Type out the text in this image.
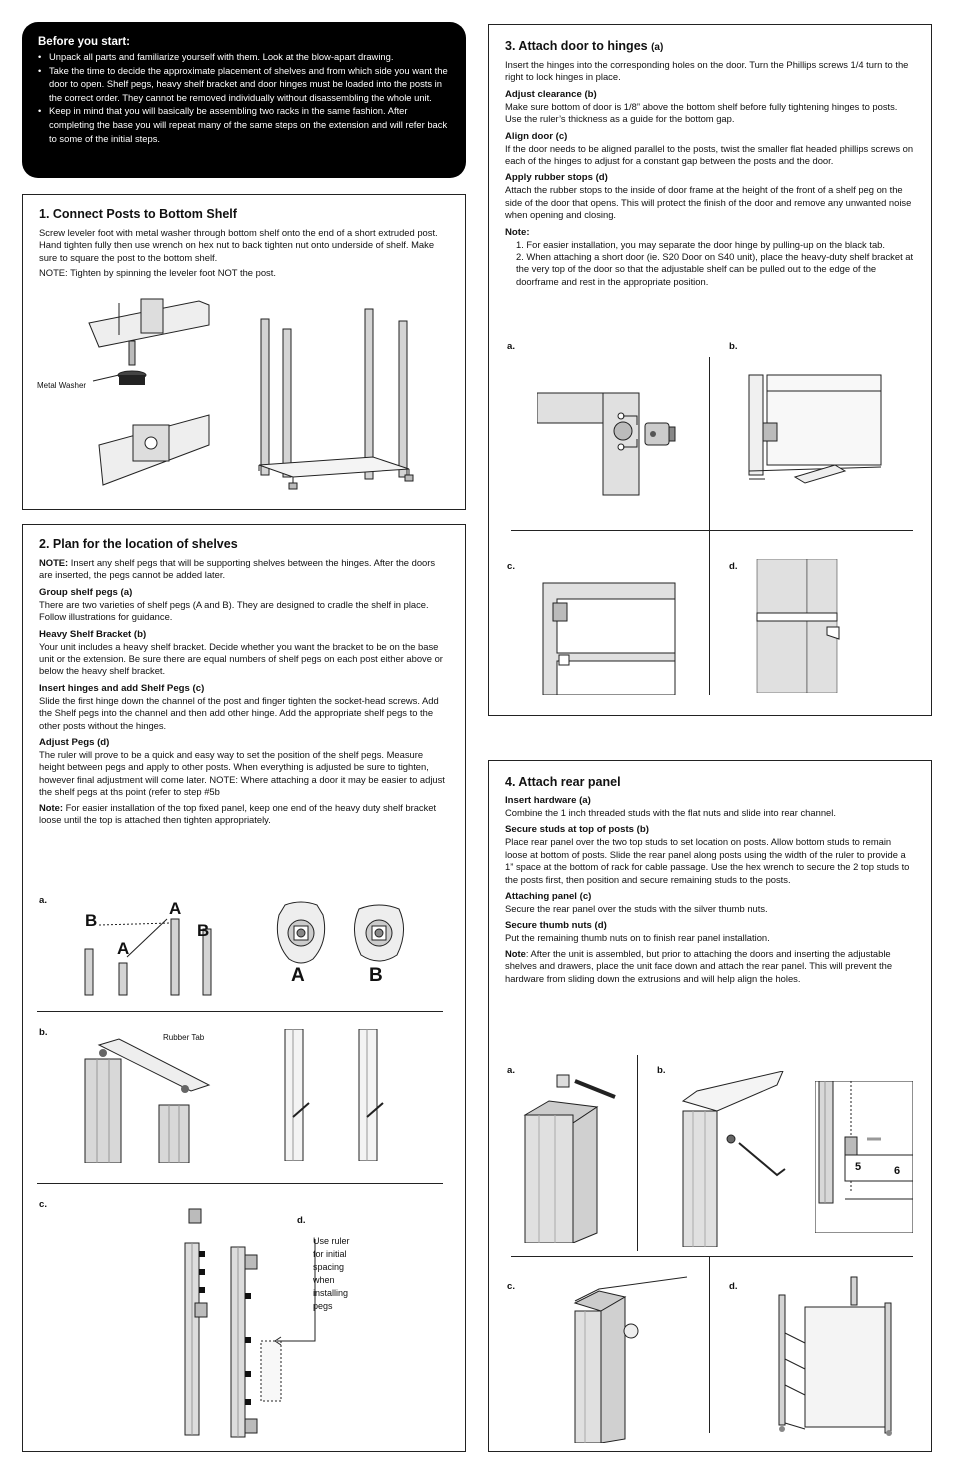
Before you start:
• Unpack all parts and familiarize yourself with them. Look at the blow-apart drawing.
• Take the time to decide the approximate placement of shelves and from which side you want the door to open. Shelf pegs, heavy shelf bracket and door hinges must be loaded into the posts in the correct order. They cannot be removed individually without disassembling the whole unit.
• Keep in mind that you will basically be assembling two racks in the same fashion. After completing the base you will repeat many of the same steps on the extension and will refer back to some of the initial steps.
1. Connect Posts to Bottom Shelf

Screw leveler foot with metal washer through bottom shelf onto the end of a short extruded post. Hand tighten fully then use wrench on hex nut to back tighten nut onto underside of shelf. Make sure to square the post to the bottom shelf.

NOTE: Tighten by spinning the leveler foot NOT the post.

Metal Washer
2. Plan for the location of shelves

NOTE: Insert any shelf pegs that will be supporting shelves between the hinges. After the doors are inserted, the pegs cannot be added later.

Group shelf pegs (a)

There are two varieties of shelf pegs (A and B). They are designed to cradle the shelf in place. Follow illustrations for guidance.

Heavy Shelf Bracket (b)

Your unit includes a heavy shelf bracket. Decide whether you want the bracket to be on the base unit or the extension. Be sure there are equal numbers of shelf pegs on each post either above or below the heavy shelf bracket.

Insert hinges and add Shelf Pegs (c)

Slide the first hinge down the channel of the post and finger tighten the socket-head screws. Add the Shelf pegs into the channel and then add other hinge. Add the appropriate shelf pegs to the other posts without the hinges.

Adjust Pegs (d)

The ruler will prove to be a quick and easy way to set the position of the shelf pegs. Measure height between pegs and apply to other posts. When everything is adjusted be sure to tighten, however final adjustment will come later. NOTE: Where attaching a door it may be easier to adjust the shelf pegs at ths point (refer to step #5b

Note: For easier installation of the top fixed panel, keep one end of the heavy duty shelf bracket loose until the top is attached then tighten appropriately.

a.
B
A
A
B
A	B
b.	Rubber Tab
c.
d.
Use ruler for initial spacing when installing pegs
3. Attach door to hinges (a)

Insert the hinges into the corresponding holes on the door. Turn the Phillips screws 1/4 turn to the right to lock hinges in place.

Adjust clearance (b)

Make sure bottom of door is 1/8” above the bottom shelf before fully tightening hinges to posts. Use the ruler’s thickness as a guide for the bottom gap.

Align door (c)

If the door needs to be aligned parallel to the posts, twist the smaller flat headed phillips screws on each of the hinges to adjust for a constant gap between the posts and the door.

Apply rubber stops (d)

Attach the rubber stops to the inside of door frame at the height of the front of a shelf peg on the side of the door that opens. This will protect the finish of the door and remove any unwanted noise when opening and closing.

Note:
1. For easier installation, you may separate the door hinge by pulling-up on the black tab.
2. When attaching a short door (ie. S20 Door on S40 unit), place the heavy-duty shelf bracket at the very top of the door so that the adjustable shelf can be pulled out to the edge of the doorframe and rest in the appropriate position.
a.	b.
c.	d.
4. Attach rear panel
Insert hardware (a)

Combine the 1 inch threaded studs with the flat nuts and slide into rear channel.

Secure studs at top of posts (b)

Place rear panel over the two top studs to set location on posts. Allow bottom studs to remain loose at bottom of posts. Slide the rear panel along posts using the width of the ruler to provide a 1” space at the bottom of rack for cable passage. Use the hex wrench to secure the 2 top studs to the posts first, then position and secure remaining studs to the posts.

Attaching panel (c)

Secure the rear panel over the studs with the silver thumb nuts.

Secure thumb nuts (d)

Put the remaining thumb nuts on to finish rear panel installation.

Note: After the unit is assembled, but prior to attaching the doors and inserting the adjustable shelves and drawers, place the unit face down and attach the rear panel. This will prevent the hardware from sliding down the extrusions and will help align the holes.

a.	b.
5	6
c.	d.
